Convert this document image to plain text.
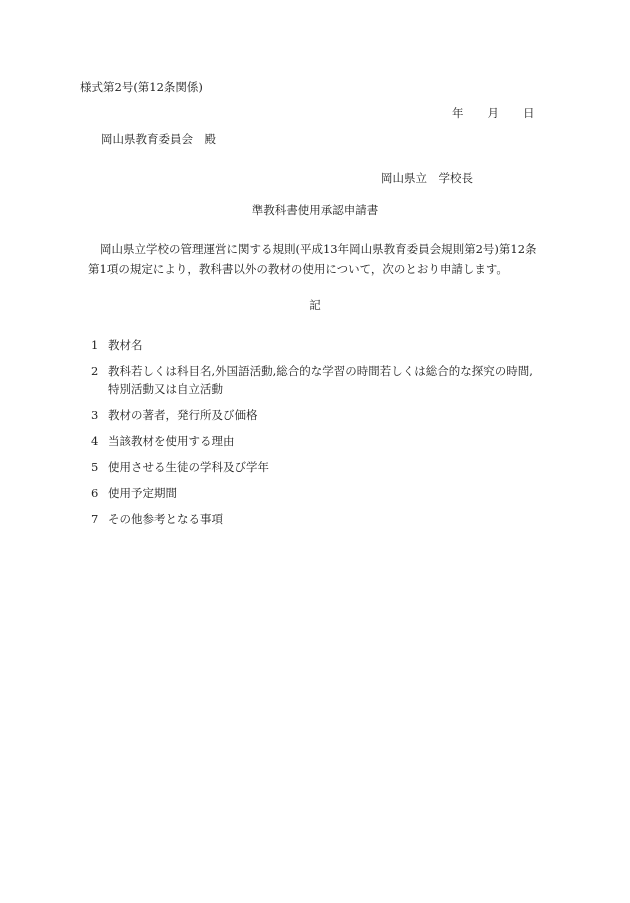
様式第2号(第12条関係)
年 月 日
岡山県教育委員会　殿
岡山県立　学校長
準教科書使用承認申請書
岡山県立学校の管理運営に関する規則(平成13年岡山県教育委員会規則第2号)第12条
第1項の規定により，教科書以外の教材の使用について，次のとおり申請します。
記
1 教材名
2 教科若しくは科目名,外国語活動,総合的な学習の時間若しくは総合的な探究の時間,
特別活動又は自立活動
3 教材の著者，発行所及び価格
4 当該教材を使用する理由
5 使用させる生徒の学科及び学年
6 使用予定期間
7 その他参考となる事項
